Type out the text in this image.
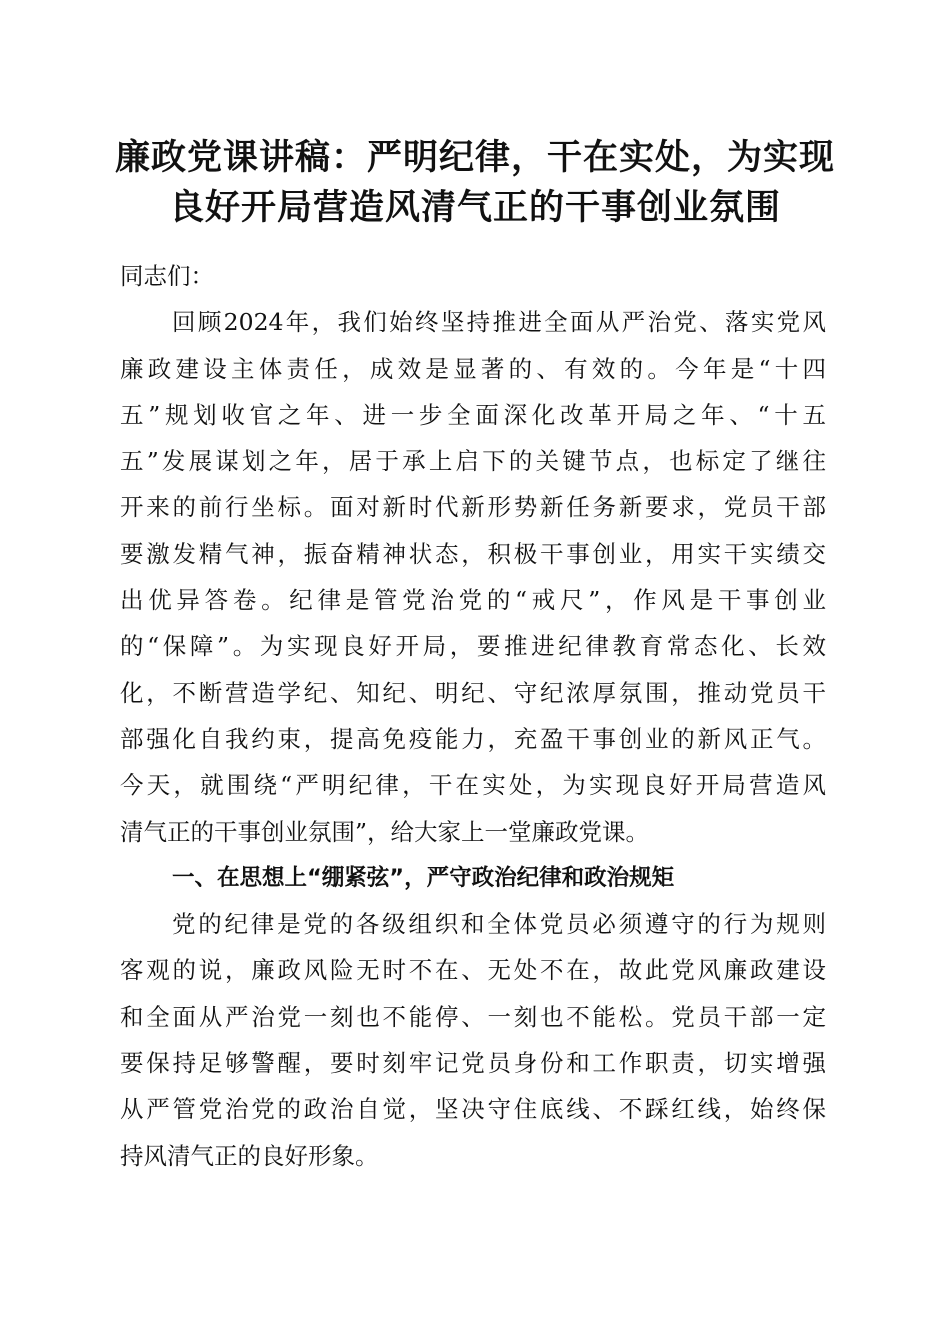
廉政党课讲稿：严明纪律，干在实处，为实现
良好开局营造风清气正的干事创业氛围

同志们：

回顾2024年，我们始终坚持推进全面从严治党、落实党风
廉政建设主体责任，成效是显著的、有效的。今年是“十四
五”规划收官之年、进一步全面深化改革开局之年、“十五
五”发展谋划之年，居于承上启下的关键节点，也标定了继往
开来的前行坐标。面对新时代新形势新任务新要求，党员干部
要激发精气神，振奋精神状态，积极干事创业，用实干实绩交
出优异答卷。纪律是管党治党的“戒尺”，作风是干事创业
的“保障”。为实现良好开局，要推进纪律教育常态化、长效
化，不断营造学纪、知纪、明纪、守纪浓厚氛围，推动党员干
部强化自我约束，提高免疫能力，充盈干事创业的新风正气。
今天，就围绕“严明纪律，干在实处，为实现良好开局营造风
清气正的干事创业氛围”，给大家上一堂廉政党课。

一、在思想上“绷紧弦”，严守政治纪律和政治规矩

党的纪律是党的各级组织和全体党员必须遵守的行为规则
客观的说，廉政风险无时不在、无处不在，故此党风廉政建设
和全面从严治党一刻也不能停、一刻也不能松。党员干部一定
要保持足够警醒，要时刻牢记党员身份和工作职责，切实增强
从严管党治党的政治自觉，坚决守住底线、不踩红线，始终保
持风清气正的良好形象。
